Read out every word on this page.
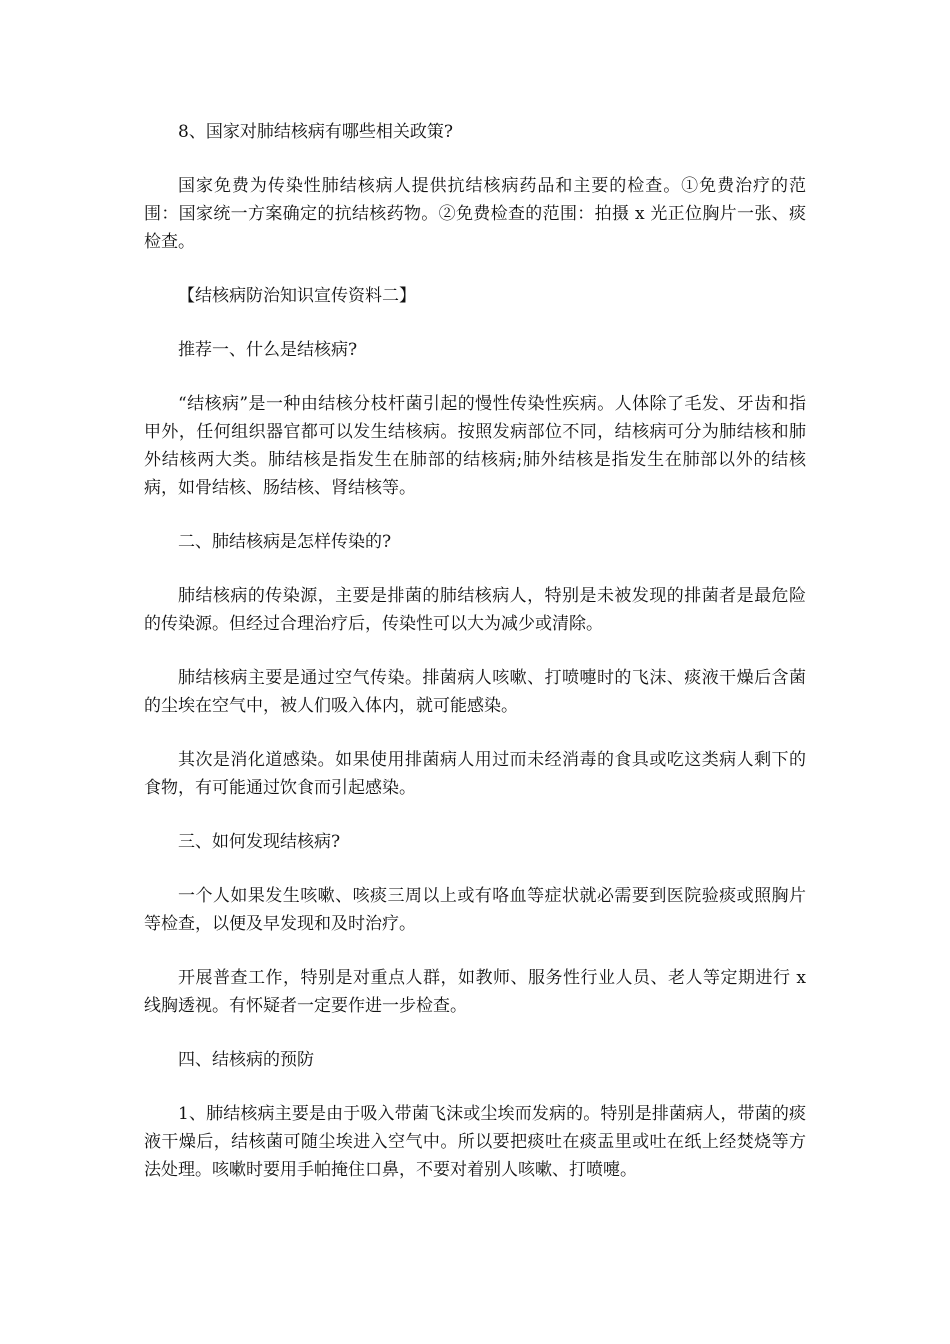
8、国家对肺结核病有哪些相关政策?

国家免费为传染性肺结核病人提供抗结核病药品和主要的检查。①免费治疗的范围：国家统一方案确定的抗结核药物。②免费检查的范围：拍摄 x 光正位胸片一张、痰检查。

【结核病防治知识宣传资料二】

推荐一、什么是结核病?

“结核病”是一种由结核分枝杆菌引起的慢性传染性疾病。人体除了毛发、牙齿和指甲外，任何组织器官都可以发生结核病。按照发病部位不同，结核病可分为肺结核和肺外结核两大类。肺结核是指发生在肺部的结核病;肺外结核是指发生在肺部以外的结核病，如骨结核、肠结核、肾结核等。

二、肺结核病是怎样传染的?

肺结核病的传染源，主要是排菌的肺结核病人，特别是未被发现的排菌者是最危险的传染源。但经过合理治疗后，传染性可以大为减少或清除。

肺结核病主要是通过空气传染。排菌病人咳嗽、打喷嚏时的飞沫、痰液干燥后含菌的尘埃在空气中，被人们吸入体内，就可能感染。

其次是消化道感染。如果使用排菌病人用过而未经消毒的食具或吃这类病人剩下的食物，有可能通过饮食而引起感染。

三、如何发现结核病?

一个人如果发生咳嗽、咳痰三周以上或有咯血等症状就必需要到医院验痰或照胸片等检查，以便及早发现和及时治疗。

开展普查工作，特别是对重点人群，如教师、服务性行业人员、老人等定期进行 x 线胸透视。有怀疑者一定要作进一步检查。

四、结核病的预防

1、肺结核病主要是由于吸入带菌飞沫或尘埃而发病的。特别是排菌病人，带菌的痰液干燥后，结核菌可随尘埃进入空气中。所以要把痰吐在痰盂里或吐在纸上经焚烧等方法处理。咳嗽时要用手帕掩住口鼻，不要对着别人咳嗽、打喷嚏。
